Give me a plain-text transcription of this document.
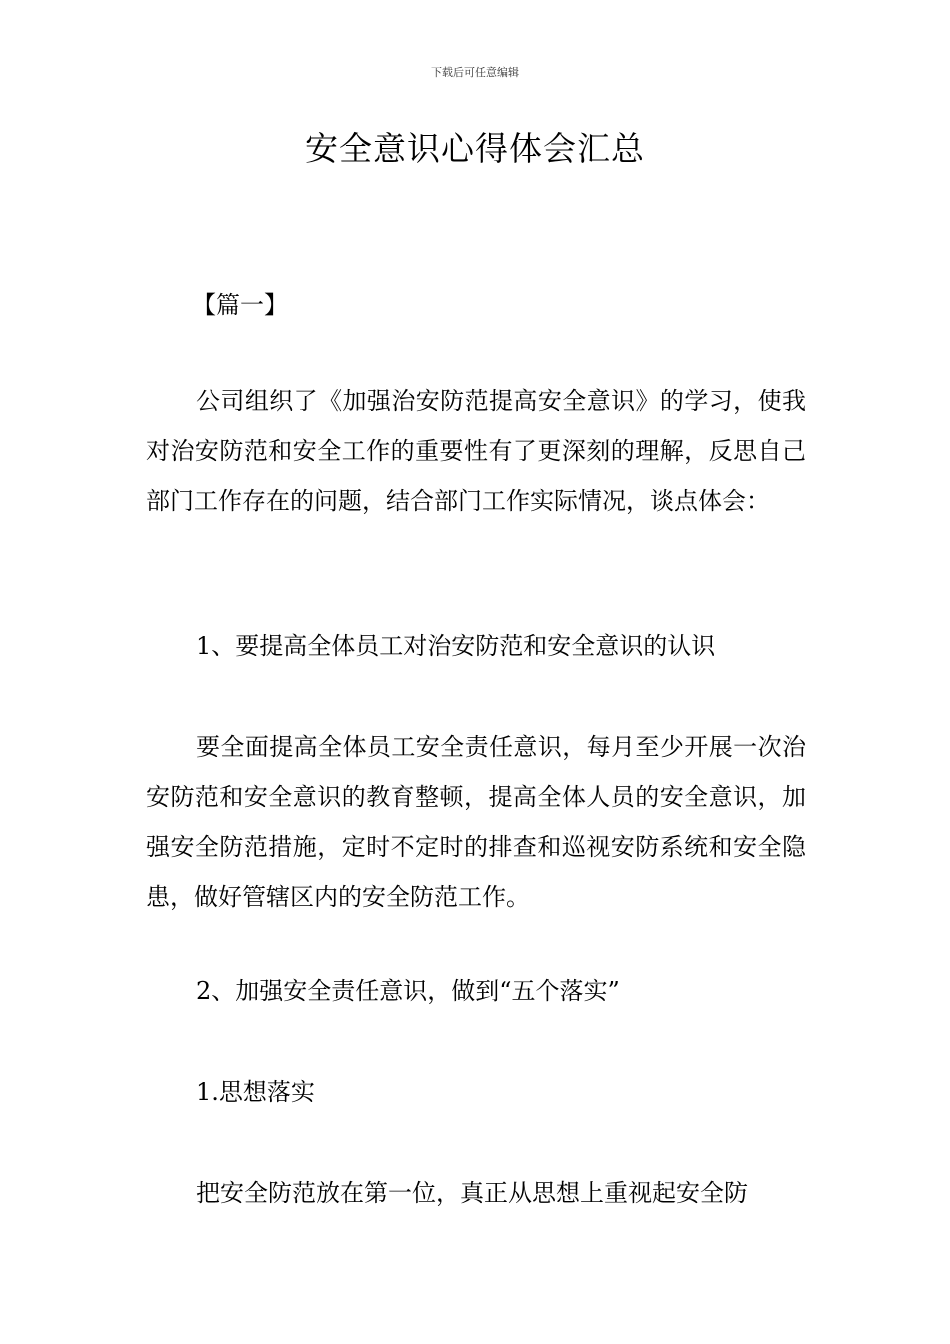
下载后可任意编辑
安全意识心得体会汇总

【篇一】

公司组织了《加强治安防范提高安全意识》的学习，使我对治安防范和安全工作的重要性有了更深刻的理解，反思自己部门工作存在的问题，结合部门工作实际情况，谈点体会：

1、要提高全体员工对治安防范和安全意识的认识

要全面提高全体员工安全责任意识，每月至少开展一次治安防范和安全意识的教育整顿，提高全体人员的安全意识，加强安全防范措施，定时不定时的排查和巡视安防系统和安全隐患，做好管辖区内的安全防范工作。

2、加强安全责任意识，做到“五个落实”

1.思想落实

把安全防范放在第一位，真正从思想上重视起安全防
